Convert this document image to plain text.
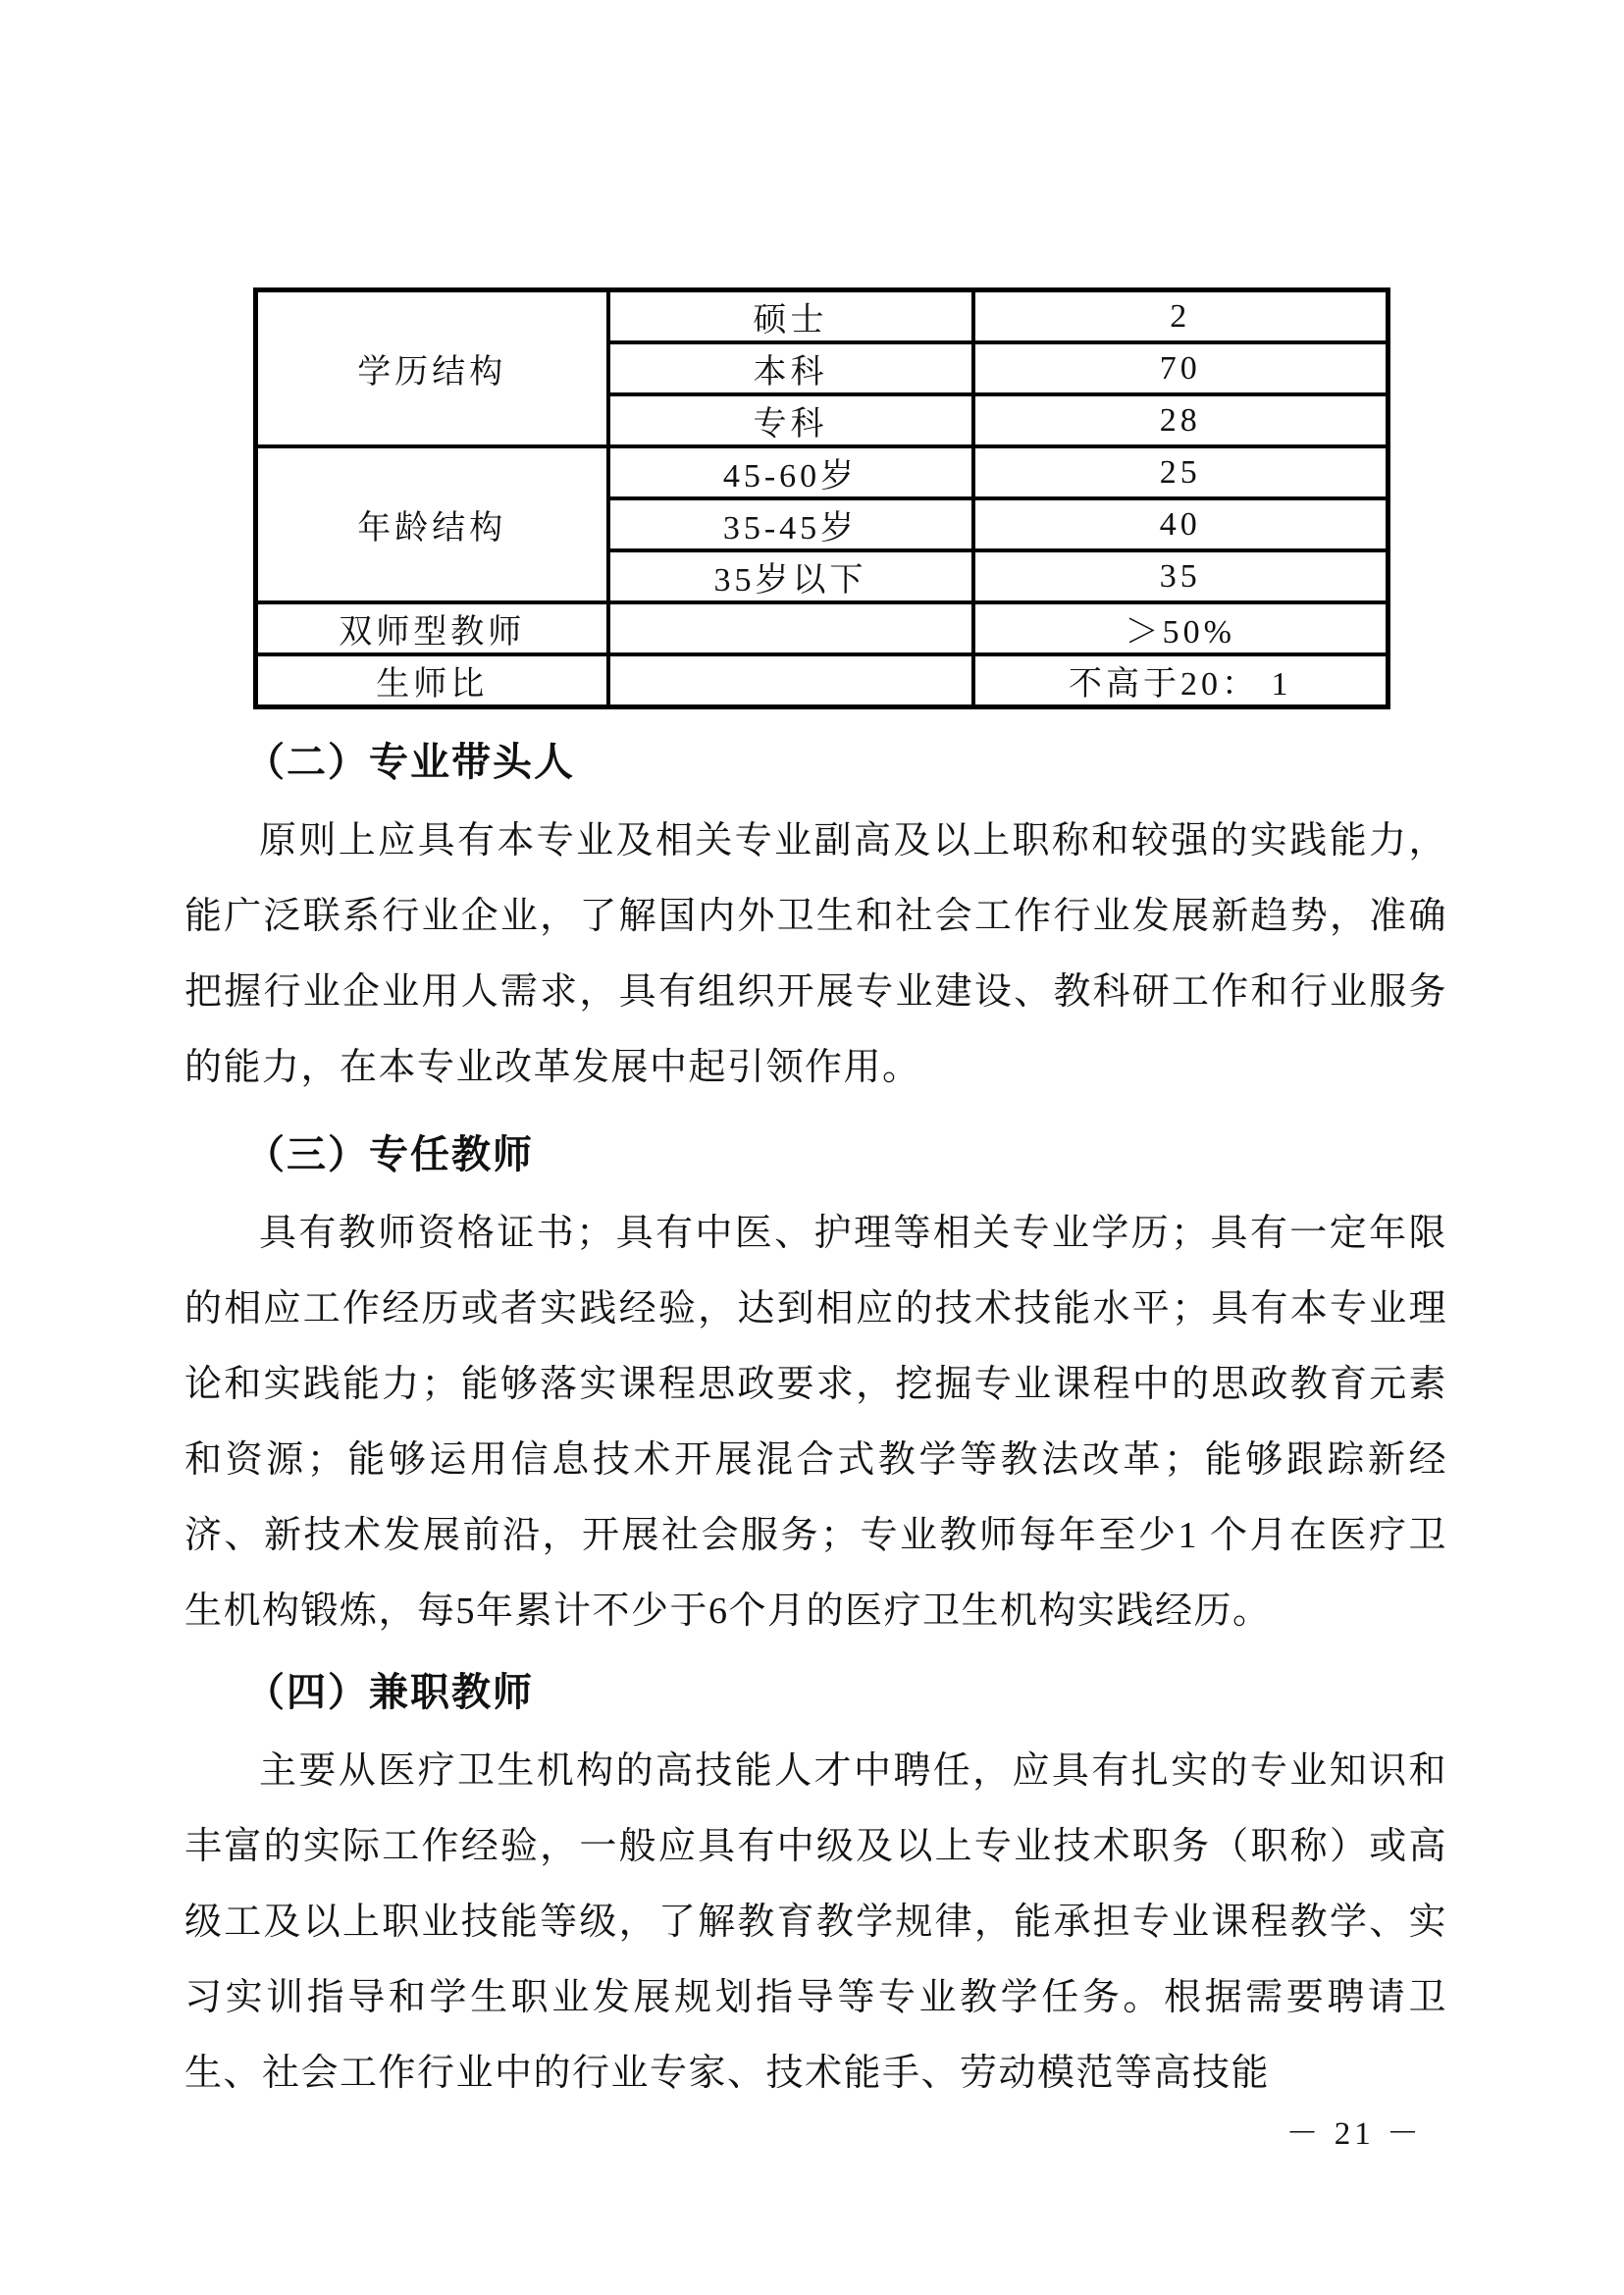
学历结构	硕士	2
	本科	70
	专科	28
年龄结构	45-60岁	25
	35-45岁	40
	35岁以下	35
双师型教师		＞50%
生师比		不高于20： 1
（二）专业带头人

原则上应具有本专业及相关专业副高及以上职称和较强的实践能力，能广泛联系行业企业，了解国内外卫生和社会工作行业发展新趋势，准确把握行业企业用人需求，具有组织开展专业建设、教科研工作和行业服务的能力，在本专业改革发展中起引领作用。

（三）专任教师

具有教师资格证书；具有中医、护理等相关专业学历；具有一定年限的相应工作经历或者实践经验，达到相应的技术技能水平；具有本专业理论和实践能力；能够落实课程思政要求，挖掘专业课程中的思政教育元素和资源；能够运用信息技术开展混合式教学等教法改革；能够跟踪新经济、新技术发展前沿，开展社会服务；专业教师每年至少1 个月在医疗卫生机构锻炼，每5年累计不少于6个月的医疗卫生机构实践经历。

（四）兼职教师

主要从医疗卫生机构的高技能人才中聘任，应具有扎实的专业知识和丰富的实际工作经验，一般应具有中级及以上专业技术职务（职称）或高级工及以上职业技能等级，了解教育教学规律，能承担专业课程教学、实习实训指导和学生职业发展规划指导等专业教学任务。根据需要聘请卫生、社会工作行业中的行业专家、技术能手、劳动模范等高技能

－ 21 －
